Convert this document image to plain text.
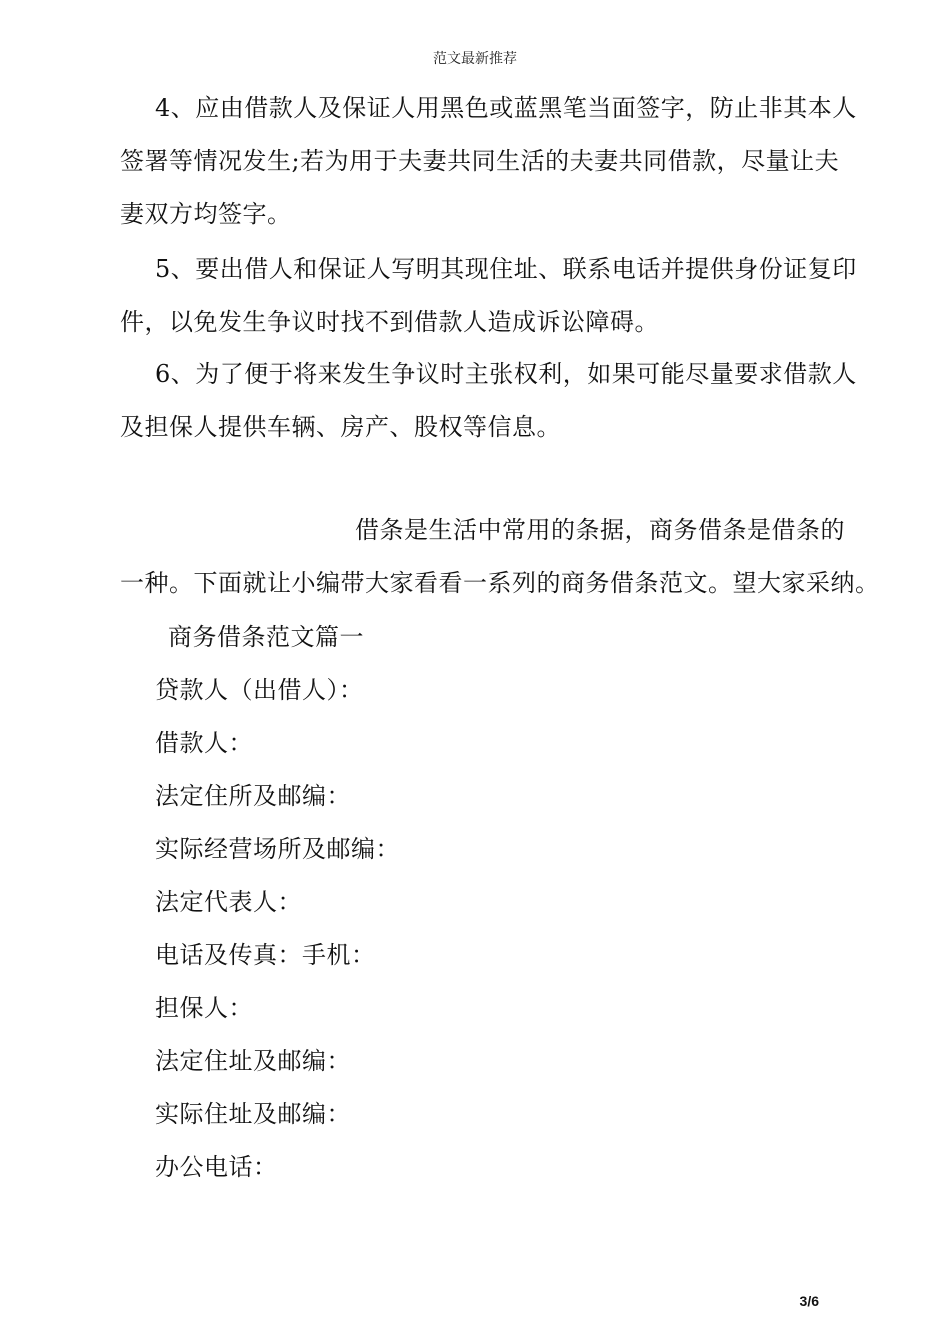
范文最新推荐
4、应由借款人及保证人用黑色或蓝黑笔当面签字，防止非其本人
签署等情况发生;若为用于夫妻共同生活的夫妻共同借款，尽量让夫
妻双方均签字。
5、要出借人和保证人写明其现住址、联系电话并提供身份证复印
件，以免发生争议时找不到借款人造成诉讼障碍。
6、为了便于将来发生争议时主张权利，如果可能尽量要求借款人
及担保人提供车辆、房产、股权等信息。
借条是生活中常用的条据，商务借条是借条的
一种。下面就让小编带大家看看一系列的商务借条范文。望大家采纳。
商务借条范文篇一
贷款人（出借人）：
借款人：
法定住所及邮编：
实际经营场所及邮编：
法定代表人：
电话及传真：手机：
担保人：
法定住址及邮编：
实际住址及邮编：
办公电话：
3/6
